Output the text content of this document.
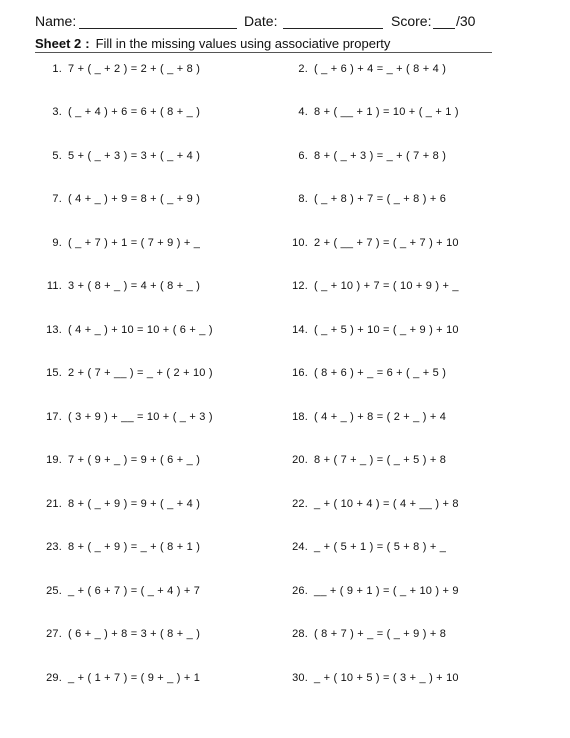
Name:	Date:	Score: /30
Sheet 2 : Fill in the missing values using associative property
1. 7 + ( _ + 2 ) = 2 + ( _ + 8 )	2. ( _ + 6 ) + 4 = _ + ( 8 + 4 )
3. ( _ + 4 ) + 6 = 6 + ( 8 + _ )	4. 8 + ( __ + 1 ) = 10 + ( _ + 1 )
5. 5 + ( _ + 3 ) = 3 + ( _ + 4 )	6. 8 + ( _ + 3 ) = _ + ( 7 + 8 )
7. ( 4 + _ ) + 9 = 8 + ( _ + 9 )	8. ( _ + 8 ) + 7 = ( _ + 8 ) + 6
9. ( _ + 7 ) + 1 = ( 7 + 9 ) + _	10. 2 + ( __ + 7 ) = ( _ + 7 ) + 10
11. 3 + ( 8 + _ ) = 4 + ( 8 + _ )	12. ( _ + 10 ) + 7 = ( 10 + 9 ) + _
13. ( 4 + _ ) + 10 = 10 + ( 6 + _ )	14. ( _ + 5 ) + 10 = ( _ + 9 ) + 10
15. 2 + ( 7 + __ ) = _ + ( 2 + 10 )	16. ( 8 + 6 ) + _ = 6 + ( _ + 5 )
17. ( 3 + 9 ) + __ = 10 + ( _ + 3 )	18. ( 4 + _ ) + 8 = ( 2 + _ ) + 4
19. 7 + ( 9 + _ ) = 9 + ( 6 + _ )	20. 8 + ( 7 + _ ) = ( _ + 5 ) + 8
21. 8 + ( _ + 9 ) = 9 + ( _ + 4 )	22. _ + ( 10 + 4 ) = ( 4 + __ ) + 8
23. 8 + ( _ + 9 ) = _ + ( 8 + 1 )	24. _ + ( 5 + 1 ) = ( 5 + 8 ) + _
25. _ + ( 6 + 7 ) = ( _ + 4 ) + 7	26. __ + ( 9 + 1 ) = ( _ + 10 ) + 9
27. ( 6 + _ ) + 8 = 3 + ( 8 + _ )	28. ( 8 + 7 ) + _ = ( _ + 9 ) + 8
29. _ + ( 1 + 7 ) = ( 9 + _ ) + 1	30. _ + ( 10 + 5 ) = ( 3 + _ ) + 10
